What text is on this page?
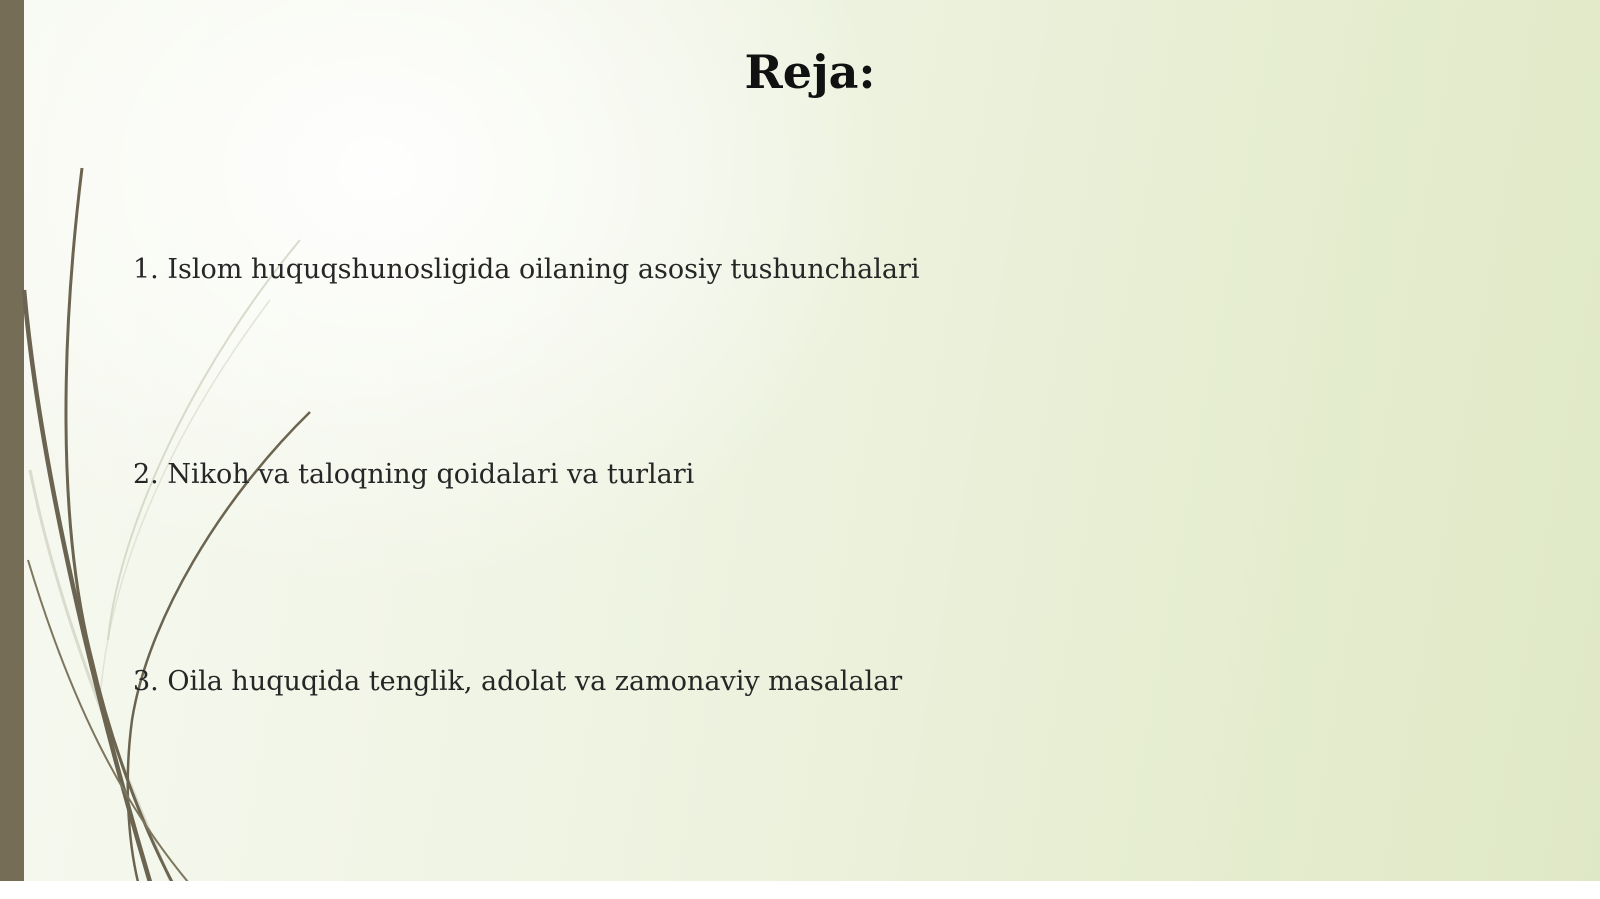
Reja:

1. Islom huquqshunosligida oilaning asosiy tushunchalari

2. Nikoh va taloqning qoidalari va turlari

3. Oila huquqida tenglik, adolat va zamonaviy masalalar
